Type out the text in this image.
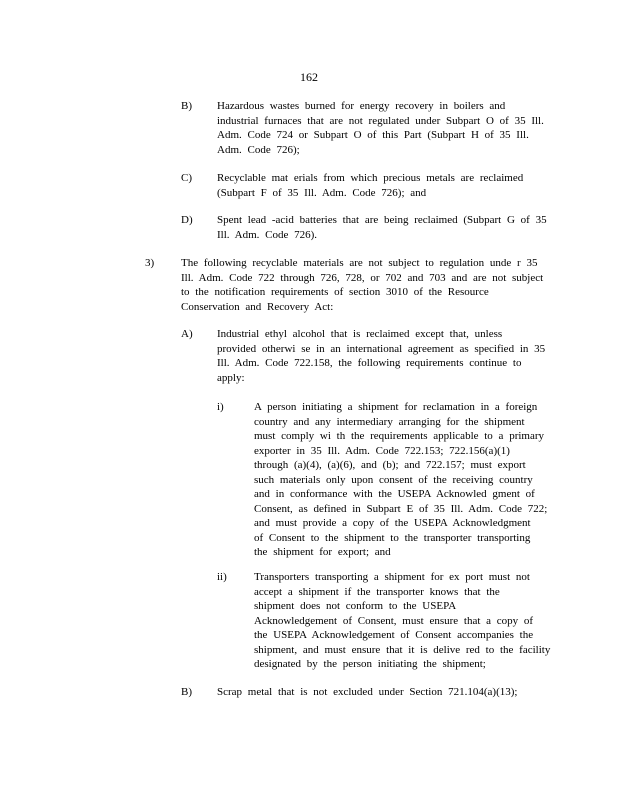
162
B) Hazardous wastes burned for energy recovery in boilers and
industrial furnaces that are not regulated under Subpart O of 35 Ill.
Adm. Code 724 or Subpart O of this Part (Subpart H of 35 Ill.
Adm. Code 726);
C) Recyclable mat erials from which precious metals are reclaimed
(Subpart F of 35 Ill. Adm. Code 726); and
D) Spent lead -acid batteries that are being reclaimed (Subpart G of 35
Ill. Adm. Code 726).
3) The following recyclable materials are not subject to regulation unde r 35
Ill. Adm. Code 722 through 726, 728, or 702 and 703 and are not subject
to the notification requirements of section 3010 of the Resource
Conservation and Recovery Act:
A) Industrial ethyl alcohol that is reclaimed except that, unless
provided otherwi se in an international agreement as specified in 35
Ill. Adm. Code 722.158, the following requirements continue to
apply:
i)	A person initiating a shipment for reclamation in a foreign
country and any intermediary arranging for the shipment
must comply wi th the requirements applicable to a primary
exporter in 35 Ill. Adm. Code 722.153; 722.156(a)(1)
through (a)(4), (a)(6), and (b); and 722.157; must export
such materials only upon consent of the receiving country
and in conformance with the USEPA Acknowled gment of
Consent, as defined in Subpart E of 35 Ill. Adm. Code 722;
and must provide a copy of the USEPA Acknowledgment
of Consent to the shipment to the transporter transporting
the shipment for export; and
ii) Transporters transporting a shipment for ex port must not
accept a shipment if the transporter knows that the
shipment does not conform to the USEPA
Acknowledgement of Consent, must ensure that a copy of
the USEPA Acknowledgement of Consent accompanies the
shipment, and must ensure that it is delive red to the facility
designated by the person initiating the shipment;
B) Scrap metal that is not excluded under Section 721.104(a)(13);
